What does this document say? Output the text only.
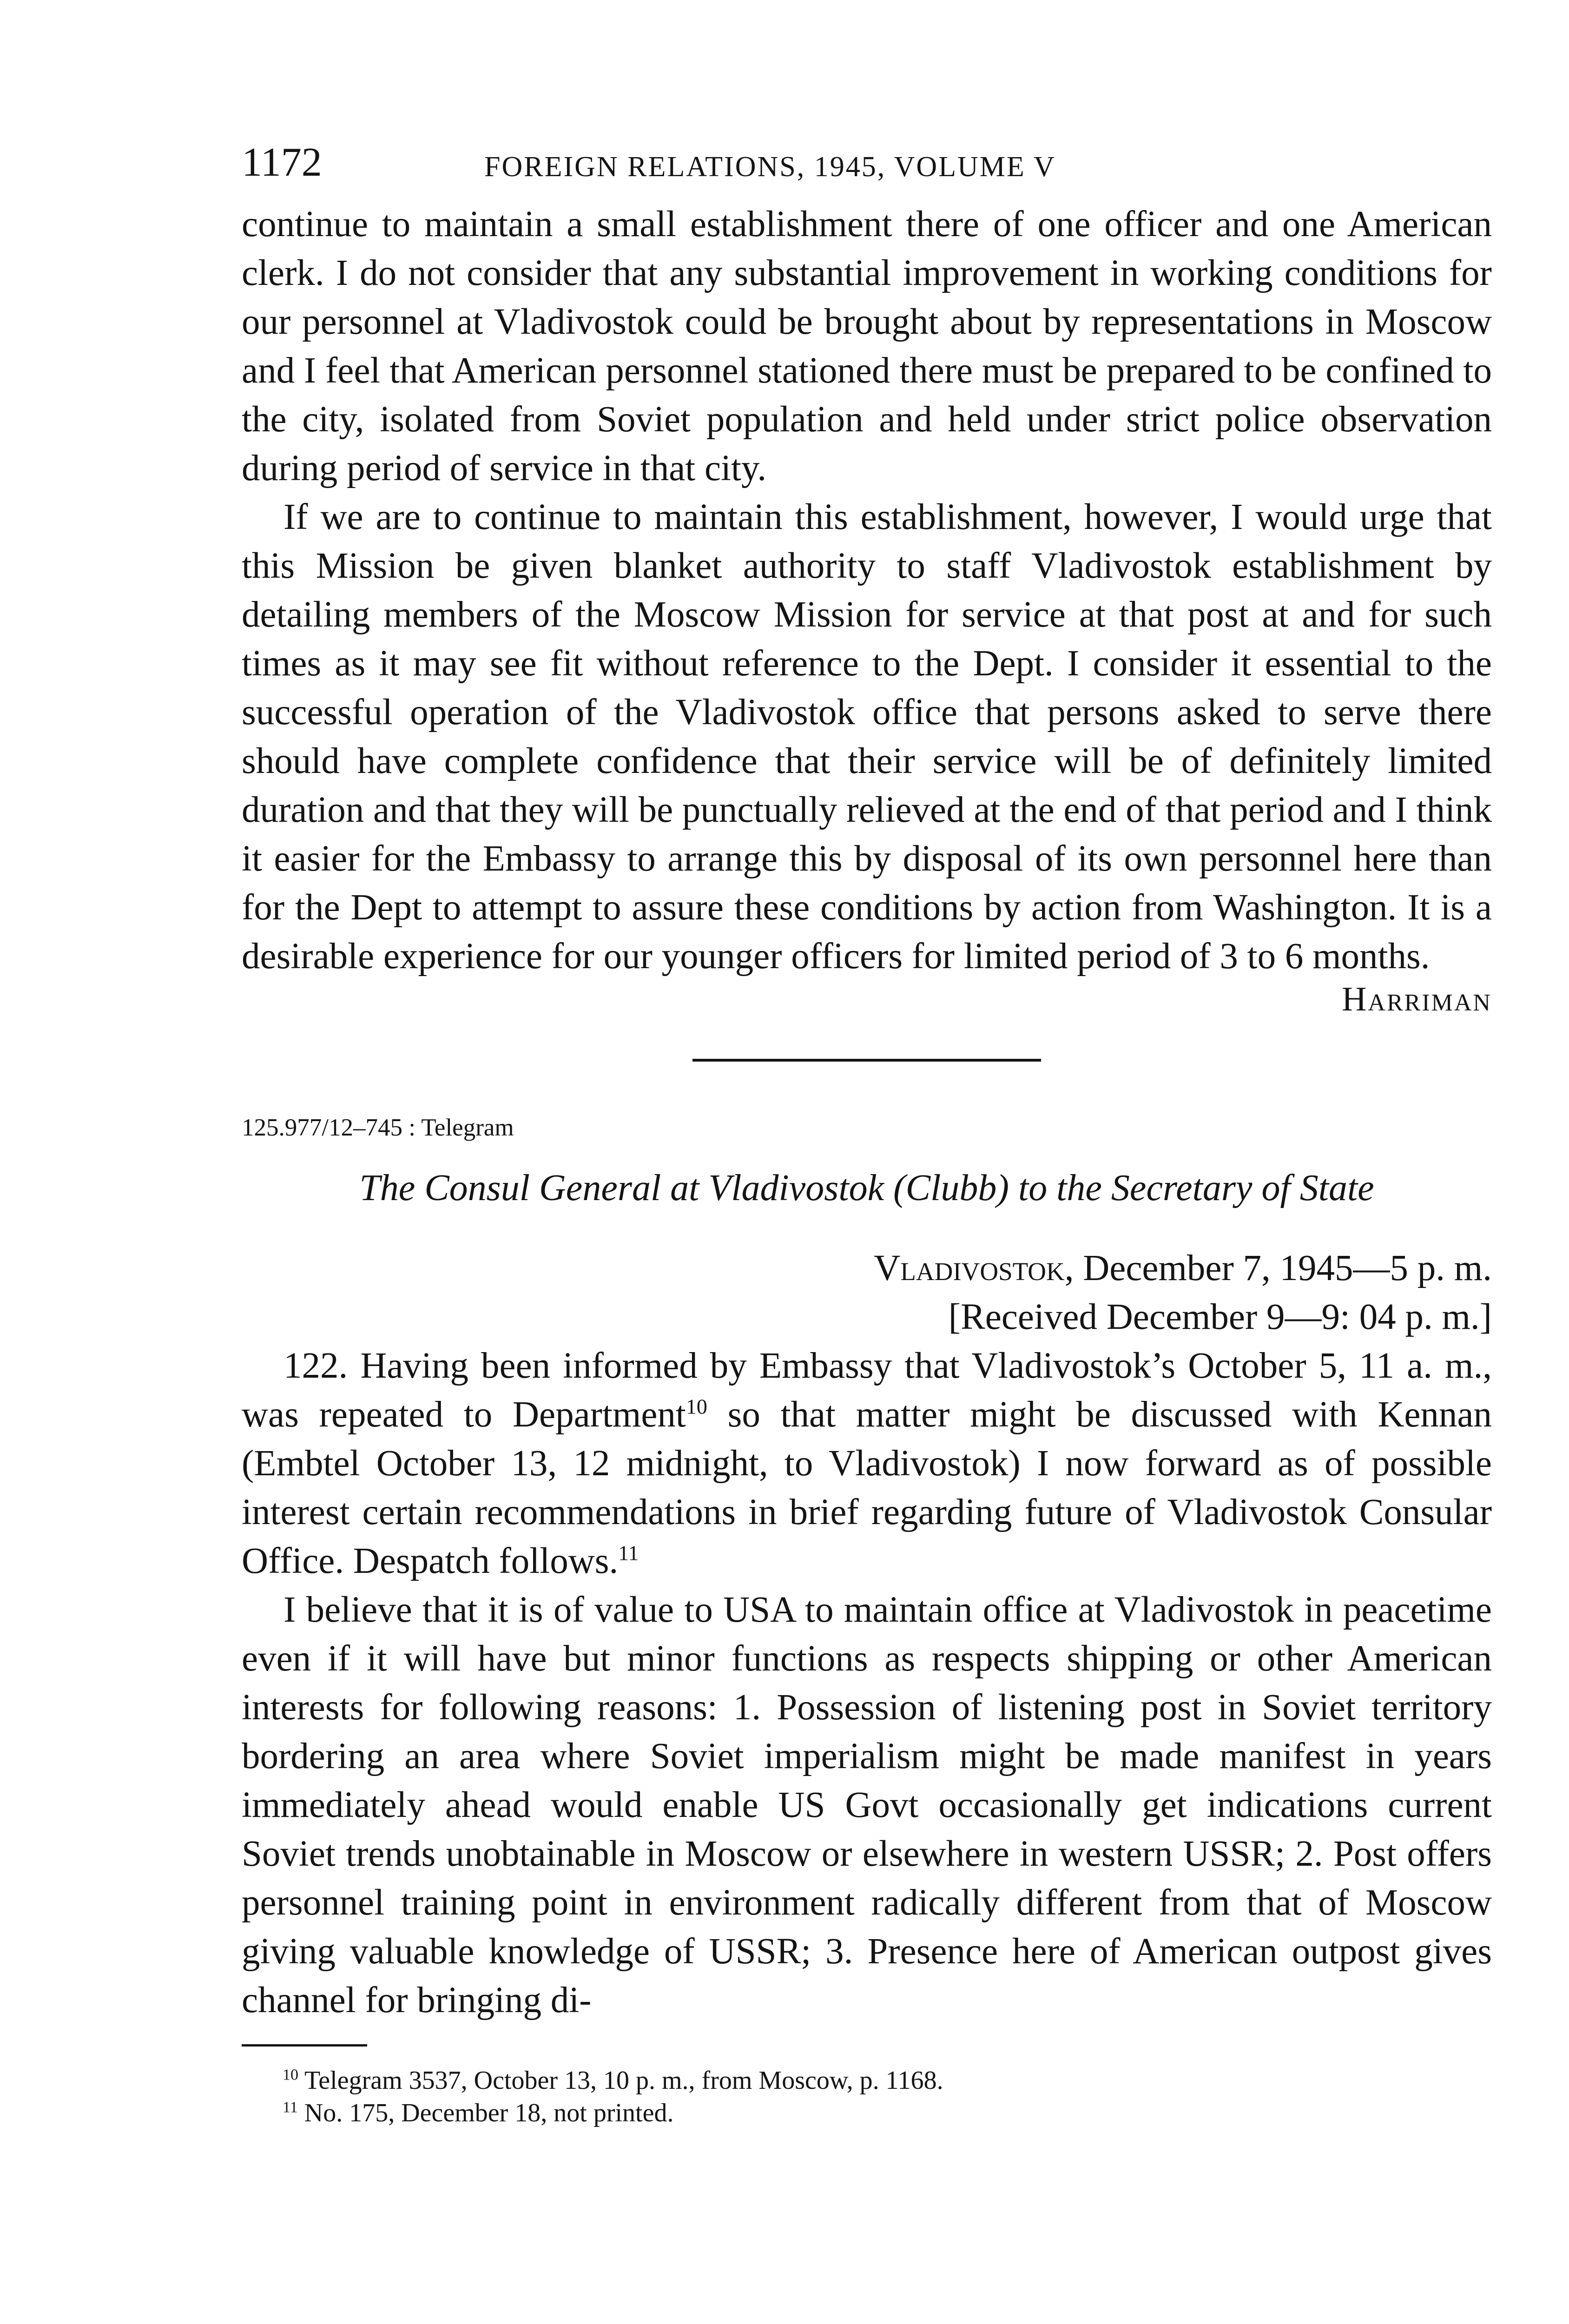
1172	FOREIGN RELATIONS, 1945, VOLUME V

continue to maintain a small establishment there of one officer and one American clerk. I do not consider that any substantial improvement in working conditions for our personnel at Vladivostok could be brought about by representations in Moscow and I feel that American personnel stationed there must be prepared to be confined to the city, isolated from Soviet population and held under strict police observation during period of service in that city.

If we are to continue to maintain this establishment, however, I would urge that this Mission be given blanket authority to staff Vladivostok establishment by detailing members of the Moscow Mission for service at that post at and for such times as it may see fit without reference to the Dept. I consider it essential to the successful operation of the Vladivostok office that persons asked to serve there should have complete confidence that their service will be of definitely limited duration and that they will be punctually relieved at the end of that period and I think it easier for the Embassy to arrange this by disposal of its own personnel here than for the Dept to attempt to assure these conditions by action from Washington. It is a desirable experience for our younger officers for limited period of 3 to 6 months.

Harriman

125.977/12–745 : Telegram

The Consul General at Vladivostok (Clubb) to the Secretary of State

Vladivostok, December 7, 1945—5 p. m.

[Received December 9—9: 04 p. m.]

122. Having been informed by Embassy that Vladivostok’s October 5, 11 a. m., was repeated to Department$^{10}$ so that matter might be discussed with Kennan (Embtel October 13, 12 midnight, to Vladivostok) I now forward as of possible interest certain recommendations in brief regarding future of Vladivostok Consular Office. Despatch follows.$^{11}$

I believe that it is of value to USA to maintain office at Vladivostok in peacetime even if it will have but minor functions as respects shipping or other American interests for following reasons: 1. Possession of listening post in Soviet territory bordering an area where Soviet imperialism might be made manifest in years immediately ahead would enable US Govt occasionally get indications current Soviet trends unobtainable in Moscow or elsewhere in western USSR; 2. Post offers personnel training point in environment radically different from that of Moscow giving valuable knowledge of USSR; 3. Presence here of American outpost gives channel for bringing di-

$^{10}$ Telegram 3537, October 13, 10 p. m., from Moscow, p. 1168.

$^{11}$ No. 175, December 18, not printed.
